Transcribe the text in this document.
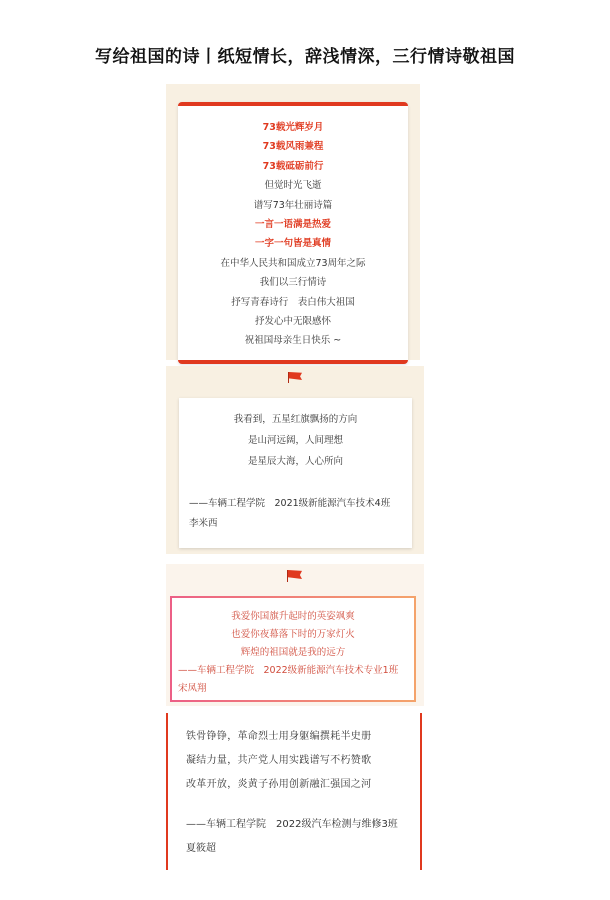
写给祖国的诗丨纸短情长，辞浅情深，三行情诗敬祖国
73载光辉岁月
73载风雨兼程
73载砥砺前行
但觉时光飞逝
谱写73年壮丽诗篇
一言一语满是热爱
一字一句皆是真情
在中华人民共和国成立73周年之际
我们以三行情诗
抒写青春诗行　表白伟大祖国
抒发心中无限感怀
祝祖国母亲生日快乐 ~
我看到，五星红旗飘扬的方向
是山河远阔，人间理想
是星辰大海，人心所向
——车辆工程学院　2021级新能源汽车技术4班　李米西
我爱你国旗升起时的英姿飒爽
也爱你夜幕落下时的万家灯火
辉煌的祖国就是我的远方
——车辆工程学院　2022级新能源汽车技术专业1班　宋凤翔
铁骨铮铮，革命烈士用身躯编撰耗半史册
凝结力量，共产党人用实践谱写不朽赞歌
改革开放，炎黄子孙用创新融汇强国之河
——车辆工程学院　2022级汽车检测与维修3班　夏筱超
